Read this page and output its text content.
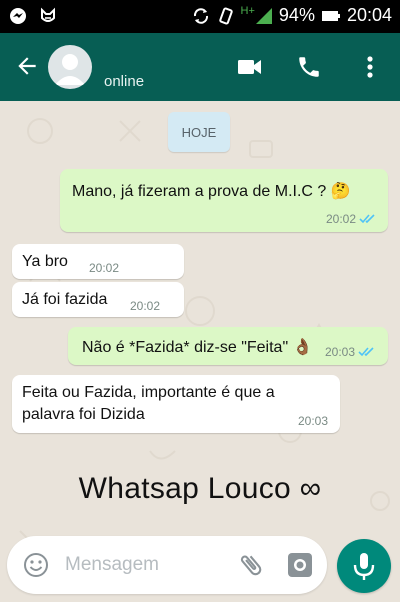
H+ 94% 20:04
online
HOJE
Mano, já fizeram a prova de M.I.C ? 🤔
20:02
Ya bro 20:02
Já foi fazida 20:02
Não é *Fazida* diz-se "Feita" 👌🏾 20:03
Feita ou Fazida, importante é que a
palavra foi Dizida	20:03
Whatsap Louco ∞
Mensagem
